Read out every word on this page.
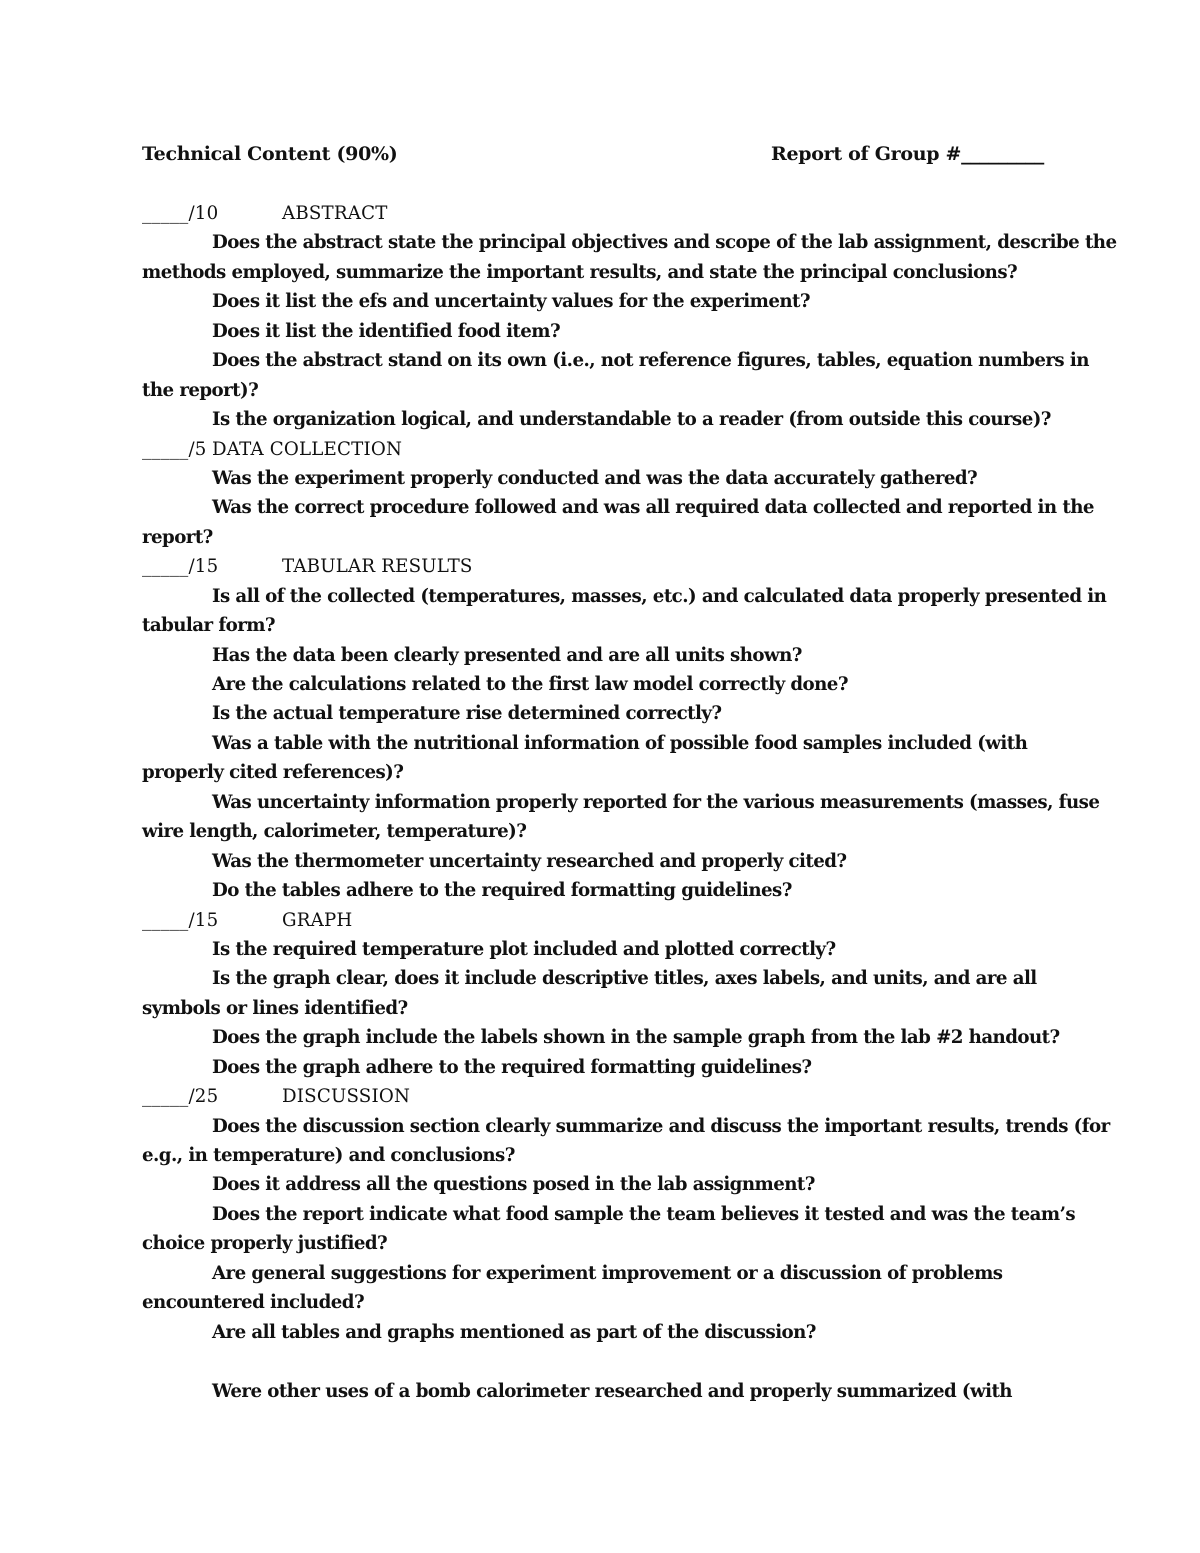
Technical Content (90%)	Report of Group #_________
_____/10	ABSTRACT
Does the abstract state the principal objectives and scope of the lab assignment, describe the
methods employed, summarize the important results, and state the principal conclusions?
Does it list the efs and uncertainty values for the experiment?
Does it list the identified food item?
Does the abstract stand on its own (i.e., not reference figures, tables, equation numbers in
the report)?
Is the organization logical, and understandable to a reader (from outside this course)?
_____/5 DATA COLLECTION
Was the experiment properly conducted and was the data accurately gathered?
Was the correct procedure followed and was all required data collected and reported in the
report?
_____/15	TABULAR RESULTS
Is all of the collected (temperatures, masses, etc.) and calculated data properly presented in
tabular form?
Has the data been clearly presented and are all units shown?
Are the calculations related to the first law model correctly done?
Is the actual temperature rise determined correctly?
Was a table with the nutritional information of possible food samples included (with
properly cited references)?
Was uncertainty information properly reported for the various measurements (masses, fuse
wire length, calorimeter, temperature)?
Was the thermometer uncertainty researched and properly cited?
Do the tables adhere to the required formatting guidelines?
_____/15	GRAPH
Is the required temperature plot included and plotted correctly?
Is the graph clear, does it include descriptive titles, axes labels, and units, and are all
symbols or lines identified?
Does the graph include the labels shown in the sample graph from the lab #2 handout?
Does the graph adhere to the required formatting guidelines?
_____/25	DISCUSSION
Does the discussion section clearly summarize and discuss the important results, trends (for
e.g., in temperature) and conclusions?
Does it address all the questions posed in the lab assignment?
Does the report indicate what food sample the team believes it tested and was the team’s
choice properly justified?
Are general suggestions for experiment improvement or a discussion of problems
encountered included?
Are all tables and graphs mentioned as part of the discussion?
Were other uses of a bomb calorimeter researched and properly summarized (with
